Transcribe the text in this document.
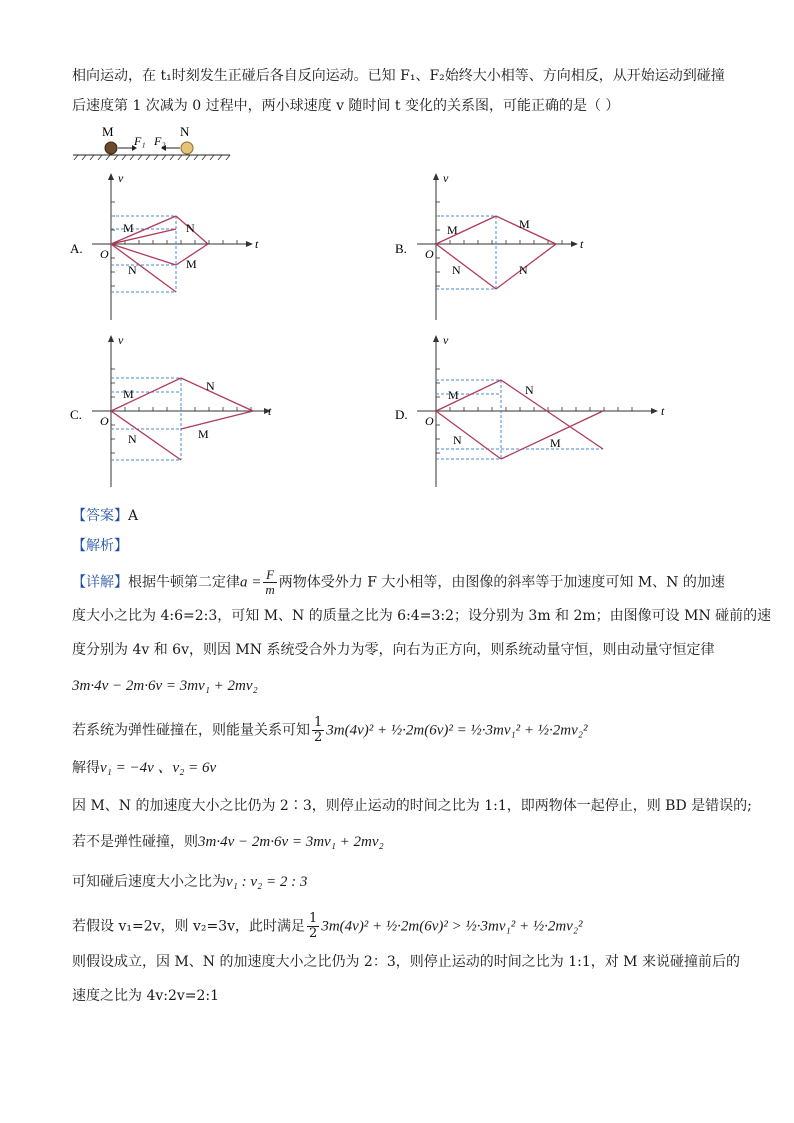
相向运动，在 t₁时刻发生正碰后各自反向运动。已知 F₁、F₂始终大小相等、方向相反，从开始运动到碰撞
后速度第 1 次减为 0 过程中，两小球速度 v 随时间 t 变化的关系图，可能正确的是（ ）
M	N
F₁ F₂
A.
v
t
O
M	N
N	M
B.
v
t
O
M	M
N	N
C.
v
t
O
M
N
N	M
D.
v
t
O
M	N
N	M
【答案】A
【解析】
【详解】根据牛顿第二定律$a = \frac{F}{m}$ 两物体受外力 F 大小相等，由图像的斜率等于加速度可知 M、N 的加速
度大小之比为 4:6=2:3，可知 M、N 的质量之比为 6:4=3:2；设分别为 3m 和 2m；由图像可设 MN 碰前的速
度分别为 4v 和 6v，则因 MN 系统受合外力为零，向右为正方向，则系统动量守恒，则由动量守恒定律
3m·4v − 2m·6v = 3mv₁ + 2mv₂
若系统为弹性碰撞在，则能量关系可知 $\frac{1}{2} 3m(4v)^2$ + ½·2m(6v)² = ½·3mv₁² + ½·2mv₂²
解得v₁ = −4v 、v₂ = 6v
因 M、N 的加速度大小之比仍为 2∶3，则停止运动的时间之比为 1:1，即两物体一起停止，则 BD 是错误的;
若不是弹性碰撞，则3m·4v − 2m·6v = 3mv₁ + 2mv₂
可知碰后速度大小之比为v₁ : v₂ = 2 : 3
若假设 v₁=2v，则 v₂=3v，此时满足 $\frac{1}{2} 3m(4v)^2$ + ½·2m(6v)² > ½·3mv₁² + ½·2mv₂²
则假设成立，因 M、N 的加速度大小之比仍为 2：3，则停止运动的时间之比为 1:1，对 M 来说碰撞前后的
速度之比为 4v:2v=2:1
